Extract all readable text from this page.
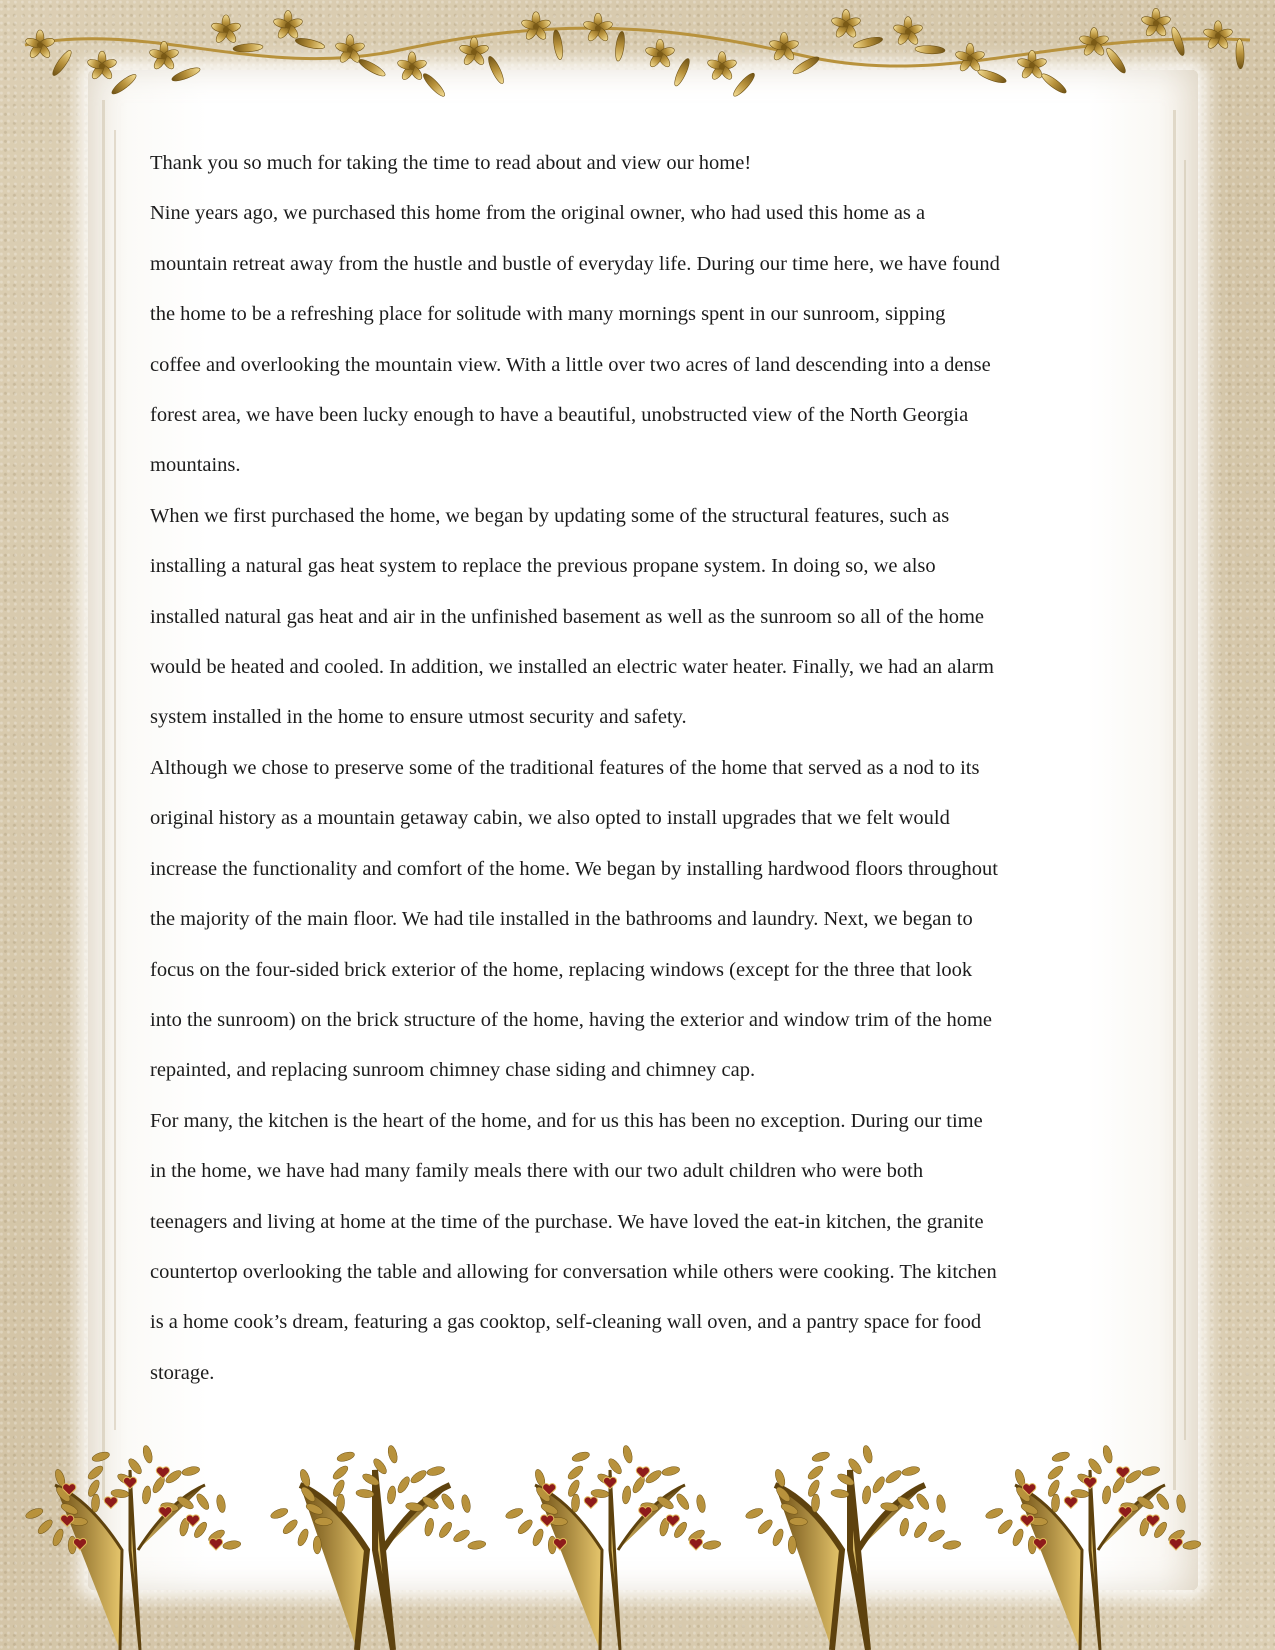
Thank you so much for taking the time to read about and view our home!

Nine years ago, we purchased this home from the original owner, who had used this home as a mountain retreat away from the hustle and bustle of everyday life. During our time here, we have found the home to be a refreshing place for solitude with many mornings spent in our sunroom, sipping coffee and overlooking the mountain view. With a little over two acres of land descending into a dense forest area, we have been lucky enough to have a beautiful, unobstructed view of the North Georgia mountains.

When we first purchased the home, we began by updating some of the structural features, such as installing a natural gas heat system to replace the previous propane system. In doing so, we also installed natural gas heat and air in the unfinished basement as well as the sunroom so all of the home would be heated and cooled. In addition, we installed an electric water heater. Finally, we had an alarm system installed in the home to ensure utmost security and safety.

Although we chose to preserve some of the traditional features of the home that served as a nod to its original history as a mountain getaway cabin, we also opted to install upgrades that we felt would increase the functionality and comfort of the home. We began by installing hardwood floors throughout the majority of the main floor. We had tile installed in the bathrooms and laundry. Next, we began to focus on the four-sided brick exterior of the home, replacing windows (except for the three that look into the sunroom) on the brick structure of the home, having the exterior and window trim of the home repainted, and replacing sunroom chimney chase siding and chimney cap.

For many, the kitchen is the heart of the home, and for us this has been no exception. During our time in the home, we have had many family meals there with our two adult children who were both teenagers and living at home at the time of the purchase. We have loved the eat-in kitchen, the granite countertop overlooking the table and allowing for conversation while others were cooking. The kitchen is a home cook’s dream, featuring a gas cooktop, self-cleaning wall oven, and a pantry space for food storage.
